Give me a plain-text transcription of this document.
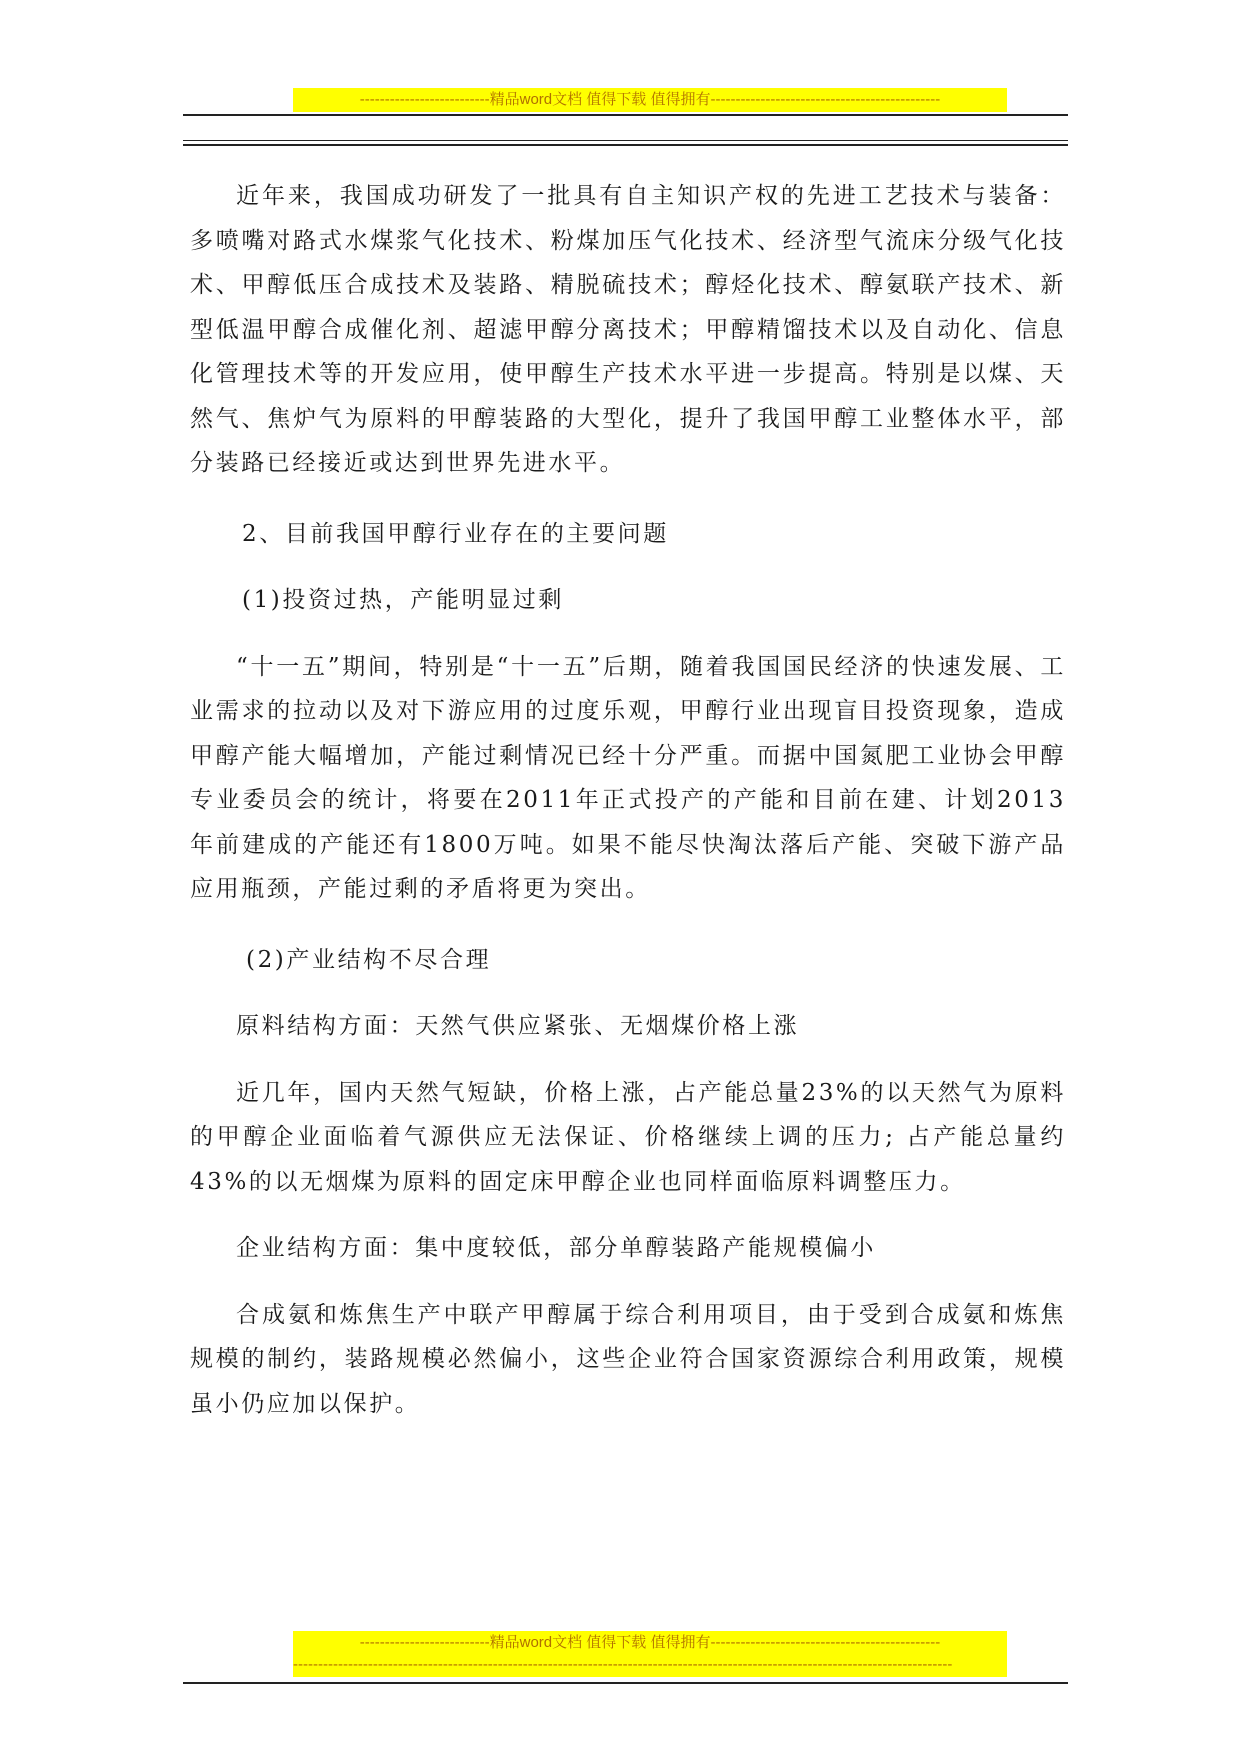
--------------------------精品word文档 值得下载 值得拥有----------------------------------------------

近年来，我国成功研发了一批具有自主知识产权的先进工艺技术与装备：多喷嘴对路式水煤浆气化技术、粉煤加压气化技术、经济型气流床分级气化技术、甲醇低压合成技术及装路、精脱硫技术；醇烃化技术、醇氨联产技术、新型低温甲醇合成催化剂、超滤甲醇分离技术；甲醇精馏技术以及自动化、信息化管理技术等的开发应用，使甲醇生产技术水平进一步提高。特别是以煤、天然气、焦炉气为原料的甲醇装路的大型化，提升了我国甲醇工业整体水平，部分装路已经接近或达到世界先进水平。

2、目前我国甲醇行业存在的主要问题

(1)投资过热，产能明显过剩

“十一五”期间，特别是“十一五”后期，随着我国国民经济的快速发展、工业需求的拉动以及对下游应用的过度乐观，甲醇行业出现盲目投资现象，造成甲醇产能大幅增加，产能过剩情况已经十分严重。而据中国氮肥工业协会甲醇专业委员会的统计，将要在2011年正式投产的产能和目前在建、计划2013年前建成的产能还有1800万吨。如果不能尽快淘汰落后产能、突破下游产品应用瓶颈，产能过剩的矛盾将更为突出。

(2)产业结构不尽合理

原料结构方面：天然气供应紧张、无烟煤价格上涨

近几年，国内天然气短缺，价格上涨，占产能总量23%的以天然气为原料的甲醇企业面临着气源供应无法保证、价格继续上调的压力; 占产能总量约43%的以无烟煤为原料的固定床甲醇企业也同样面临原料调整压力。

企业结构方面：集中度较低，部分单醇装路产能规模偏小

合成氨和炼焦生产中联产甲醇属于综合利用项目，由于受到合成氨和炼焦规模的制约，装路规模必然偏小，这些企业符合国家资源综合利用政策，规模虽小仍应加以保护。

--------------------------精品word文档 值得下载 值得拥有----------------------------------------------
------------------------------------------------------------------------------------------------------------------------------------
